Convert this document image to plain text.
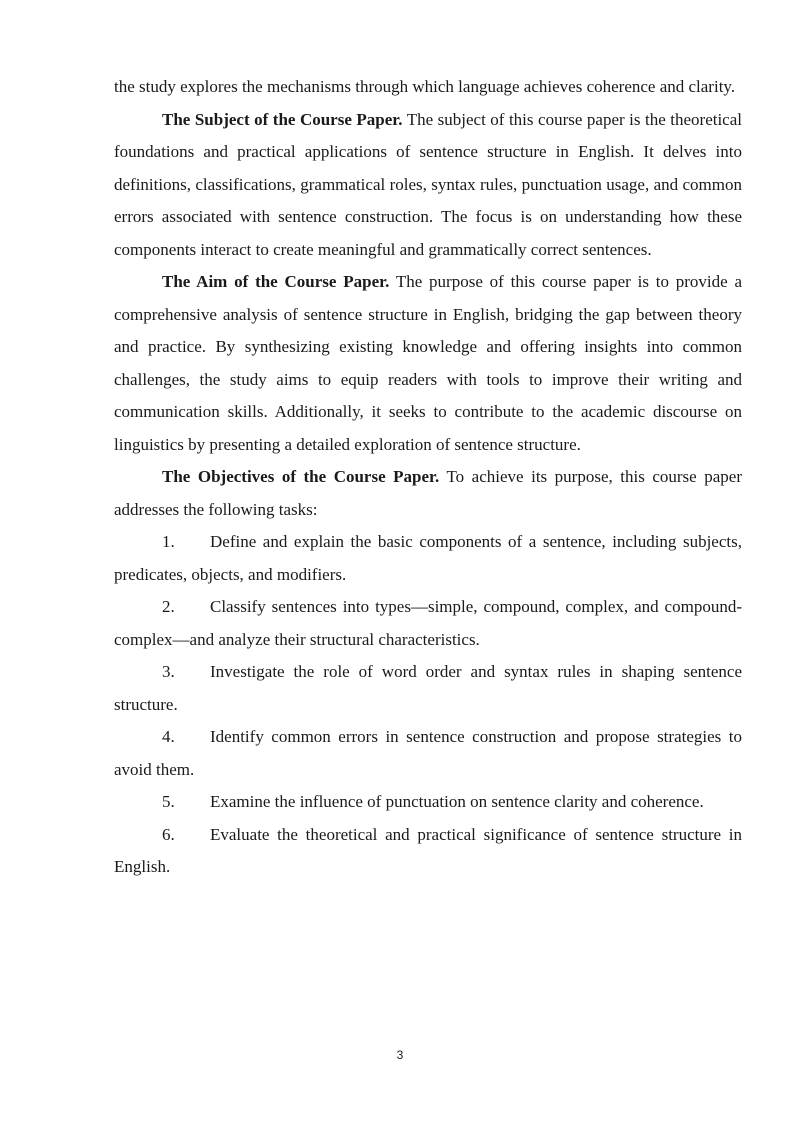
the study explores the mechanisms through which language achieves coherence and clarity.

The Subject of the Course Paper. The subject of this course paper is the theoretical foundations and practical applications of sentence structure in English. It delves into definitions, classifications, grammatical roles, syntax rules, punctuation usage, and common errors associated with sentence construction. The focus is on understanding how these components interact to create meaningful and grammatically correct sentences.

The Aim of the Course Paper. The purpose of this course paper is to provide a comprehensive analysis of sentence structure in English, bridging the gap between theory and practice. By synthesizing existing knowledge and offering insights into common challenges, the study aims to equip readers with tools to improve their writing and communication skills. Additionally, it seeks to contribute to the academic discourse on linguistics by presenting a detailed exploration of sentence structure.

The Objectives of the Course Paper. To achieve its purpose, this course paper addresses the following tasks:

1. Define and explain the basic components of a sentence, including subjects, predicates, objects, and modifiers.

2. Classify sentences into types—simple, compound, complex, and compound-complex—and analyze their structural characteristics.

3. Investigate the role of word order and syntax rules in shaping sentence structure.

4. Identify common errors in sentence construction and propose strategies to avoid them.

5. Examine the influence of punctuation on sentence clarity and coherence.

6. Evaluate the theoretical and practical significance of sentence structure in English.

3
